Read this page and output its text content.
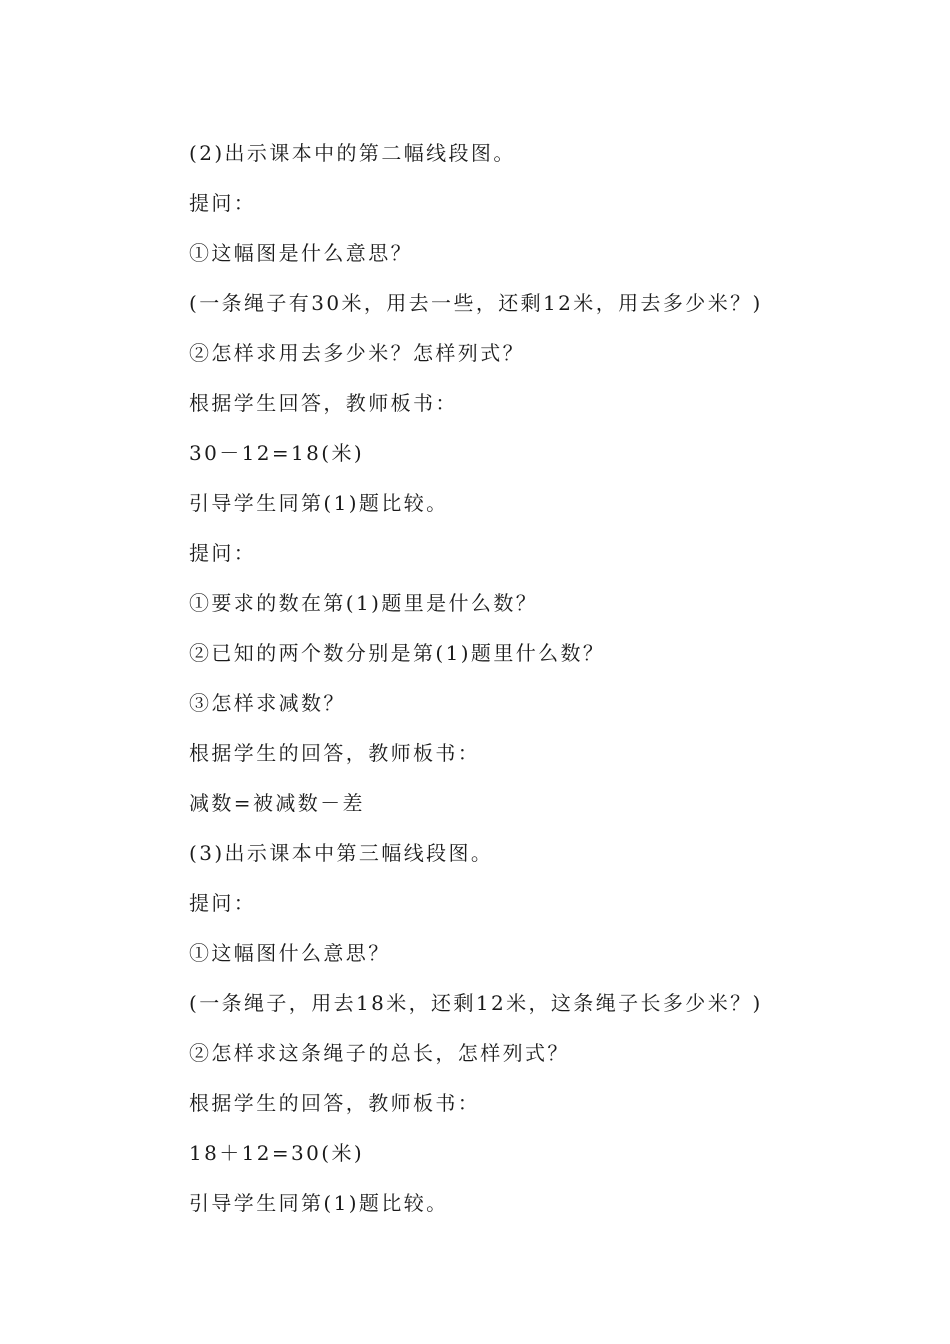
(2)出示课本中的第二幅线段图。
提问：
①这幅图是什么意思？
(一条绳子有30米，用去一些，还剩12米，用去多少米？)
②怎样求用去多少米？怎样列式？
根据学生回答，教师板书：
30－12=18(米)
引导学生同第(1)题比较。
提问：
①要求的数在第(1)题里是什么数？
②已知的两个数分别是第(1)题里什么数？
③怎样求减数？
根据学生的回答，教师板书：
减数=被减数－差
(3)出示课本中第三幅线段图。
提问：
①这幅图什么意思？
(一条绳子，用去18米，还剩12米，这条绳子长多少米？)
②怎样求这条绳子的总长，怎样列式？
根据学生的回答，教师板书：
18＋12=30(米)
引导学生同第(1)题比较。
